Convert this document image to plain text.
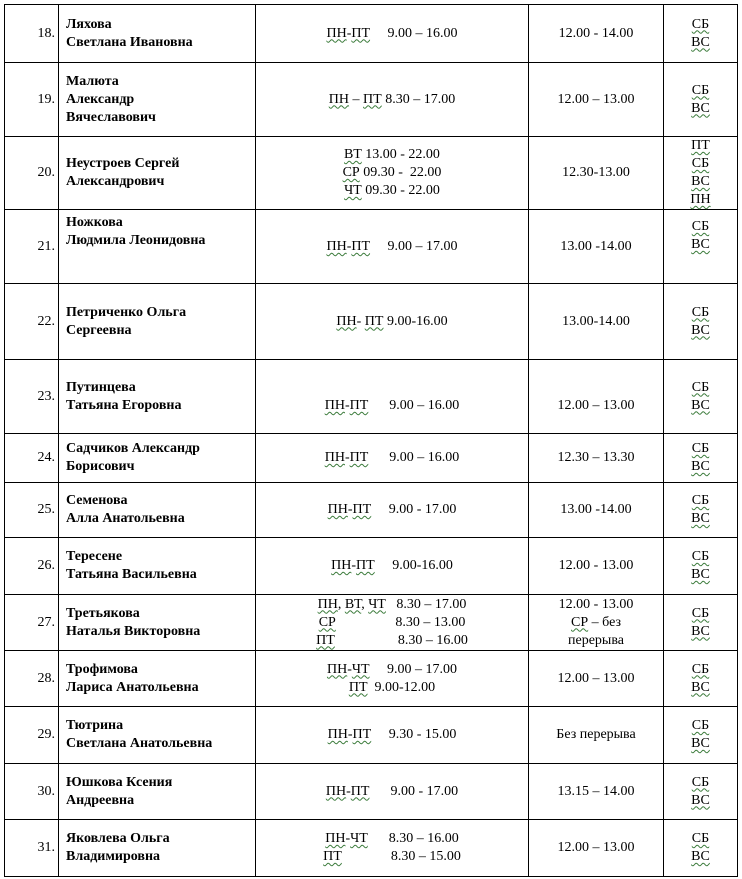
18.	Ляхова
Светлана Ивановна	ПН-ПТ     9.00 – 16.00	12.00 - 14.00	СБ
ВС

19.	Малюта
Александр
Вячеславович	ПН – ПТ 8.30 – 17.00	12.00 – 13.00	СБ
ВС

20.	Неустроев Сергей
Александрович	ВТ 13.00 - 22.00
СР 09.30 -  22.00
ЧТ 09.30 - 22.00	12.30-13.00	ПТ
СБ
ВС
ПН

21.	Ножкова
Людмила Леонидовна	ПН-ПТ     9.00 – 17.00	13.00 -14.00	СБ
ВС

22.	Петриченко Ольга
Сергеевна	ПН- ПТ 9.00-16.00	13.00-14.00	СБ
ВС

23.	Путинцева
Татьяна Егоровна	ПН-ПТ      9.00 – 16.00	12.00 – 13.00	СБ
ВС

24.	Садчиков Александр
Борисович	ПН-ПТ      9.00 – 16.00	12.30 – 13.30	СБ
ВС

25.	Семенова
Алла Анатольевна	ПН-ПТ     9.00 - 17.00	13.00 -14.00	СБ
ВС

26.	Тересене
Татьяна Васильевна	ПН-ПТ     9.00-16.00	12.00 - 13.00	СБ
ВС

27.	Третьякова
Наталья Викторовна	ПН, ВТ, ЧТ   8.30 – 17.00
СР                 8.30 – 13.00
ПТ                  8.30 – 16.00	12.00 - 13.00
СР – без
перерыва	СБ
ВС

28.	Трофимова
Лариса Анатольевна	ПН-ЧТ     9.00 – 17.00
ПТ  9.00-12.00	12.00 – 13.00	СБ
ВС

29.	Тютрина
Светлана Анатольевна	ПН-ПТ     9.30 - 15.00	Без перерыва	СБ
ВС

30.	Юшкова Ксения
Андреевна	ПН-ПТ      9.00 - 17.00	13.15 – 14.00	СБ
ВС

31.	Яковлева Ольга
Владимировна	ПН-ЧТ      8.30 – 16.00
ПТ              8.30 – 15.00	12.00 – 13.00	СБ
ВС
